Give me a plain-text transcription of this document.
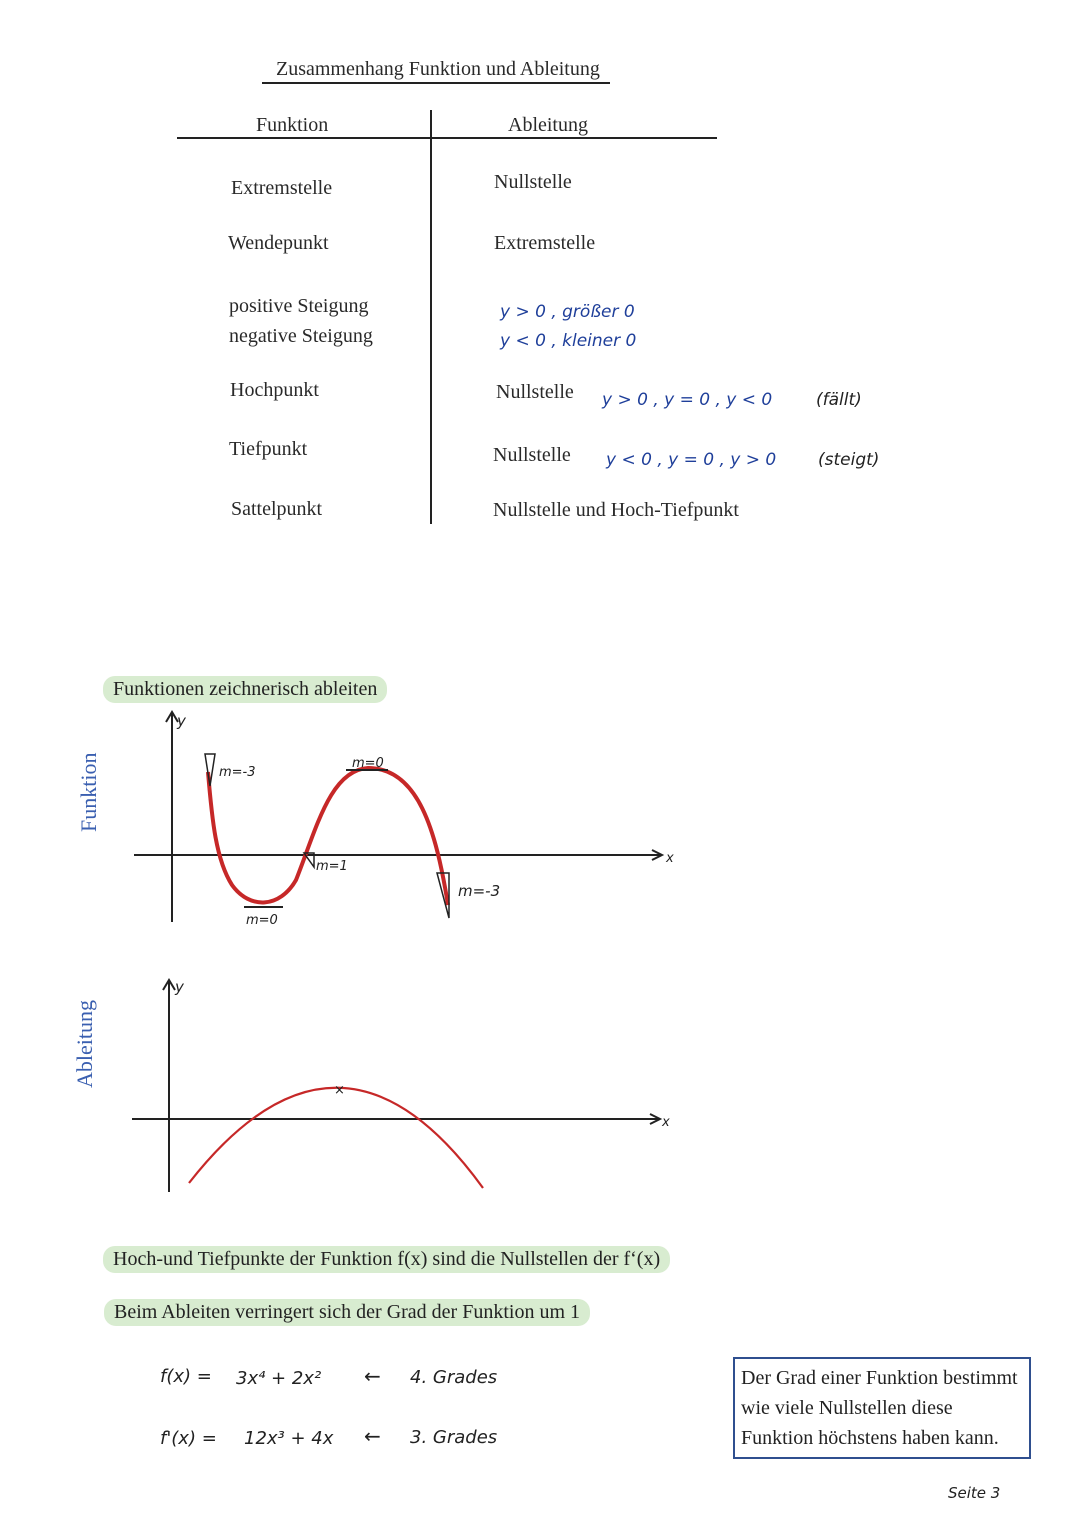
Zusammenhang Funktion und Ableitung
Funktion	Ableitung
Extremstelle
Wendepunkt
positive Steigung
negative Steigung
Hochpunkt
Tiefpunkt
Sattelpunkt
Nullstelle
Extremstelle
y > 0 , größer 0
y < 0 , kleiner 0
Nullstelle y > 0 , y = 0 , y < 0	(fällt)
Nullstelle y < 0 , y = 0 , y > 0 (steigt)
Nullstelle und Hoch-Tiefpunkt
Funktionen zeichnerisch ableiten
Funktion
Ableitung
y
x
m=-3
m=0
m=1
m=0
m=-3
y
x
×
Hoch-und Tiefpunkte der Funktion f(x) sind die Nullstellen der f‘(x)
Beim Ableiten verringert sich der Grad der Funktion um 1
f(x) = 3x⁴ + 2x² ← 4. Grades
f'(x) = 12x³ + 4x ← 3. Grades
Der Grad einer Funktion bestimmt wie viele Nullstellen diese Funktion höchstens haben kann.
Seite 3
